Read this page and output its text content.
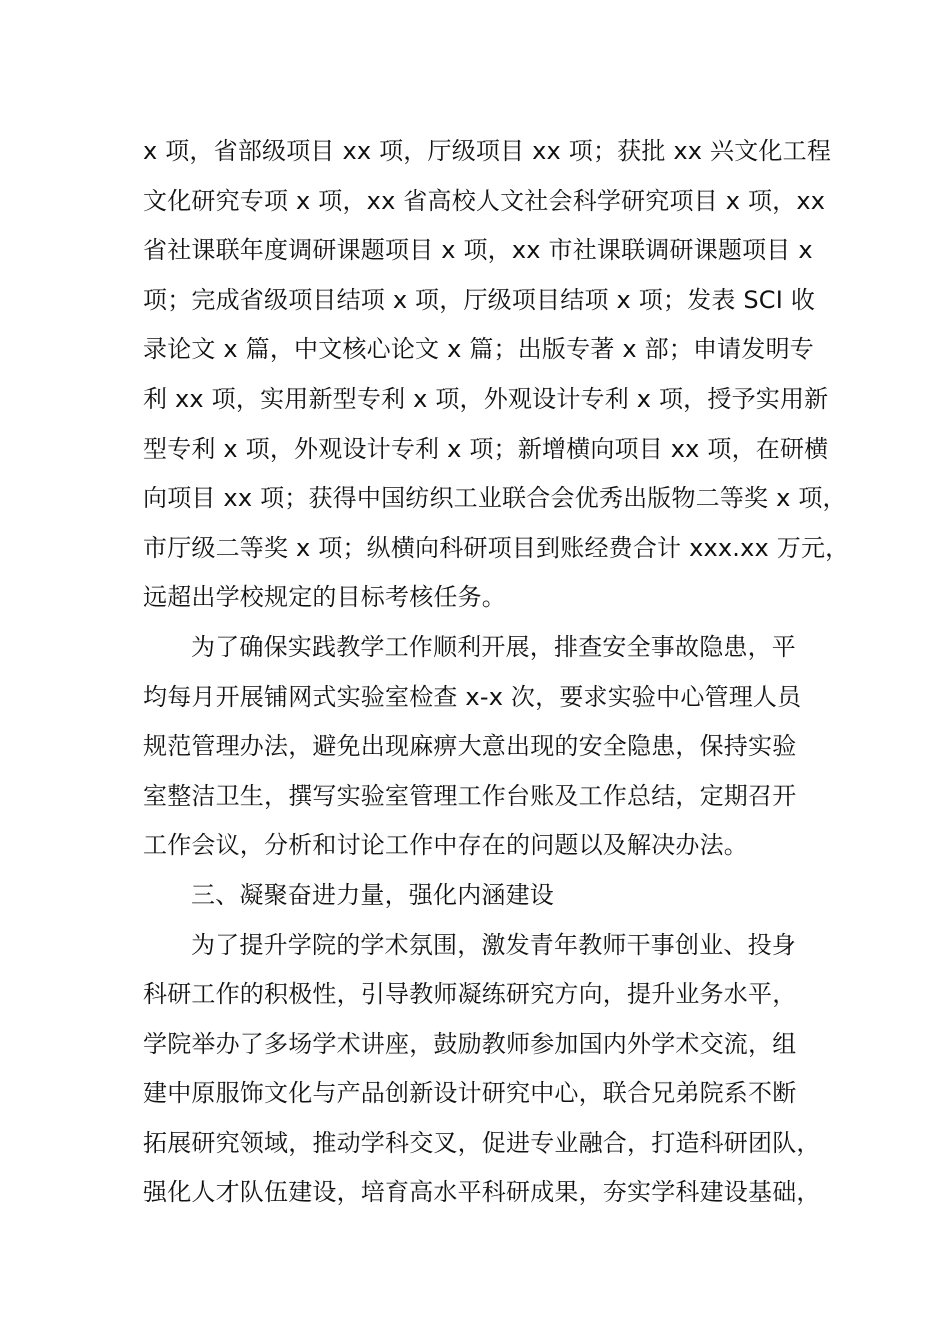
x 项，省部级项目 xx 项，厅级项目 xx 项；获批 xx 兴文化工程
文化研究专项 x 项，xx 省高校人文社会科学研究项目 x 项，xx
省社课联年度调研课题项目 x 项，xx 市社课联调研课题项目 x
项；完成省级项目结项 x 项，厅级项目结项 x 项；发表 SCI 收
录论文 x 篇，中文核心论文 x 篇；出版专著 x 部；申请发明专
利 xx 项，实用新型专利 x 项，外观设计专利 x 项，授予实用新
型专利 x 项，外观设计专利 x 项；新增横向项目 xx 项，在研横
向项目 xx 项；获得中国纺织工业联合会优秀出版物二等奖 x 项，
市厅级二等奖 x 项；纵横向科研项目到账经费合计 xxx.xx 万元，
远超出学校规定的目标考核任务。
为了确保实践教学工作顺利开展，排查安全事故隐患，平
均每月开展铺网式实验室检查 x-x 次，要求实验中心管理人员
规范管理办法，避免出现麻痹大意出现的安全隐患，保持实验
室整洁卫生，撰写实验室管理工作台账及工作总结，定期召开
工作会议，分析和讨论工作中存在的问题以及解决办法。
三、凝聚奋进力量，强化内涵建设
为了提升学院的学术氛围，激发青年教师干事创业、投身
科研工作的积极性，引导教师凝练研究方向，提升业务水平，
学院举办了多场学术讲座，鼓励教师参加国内外学术交流，组
建中原服饰文化与产品创新设计研究中心，联合兄弟院系不断
拓展研究领域，推动学科交叉，促进专业融合，打造科研团队，
强化人才队伍建设，培育高水平科研成果，夯实学科建设基础，
